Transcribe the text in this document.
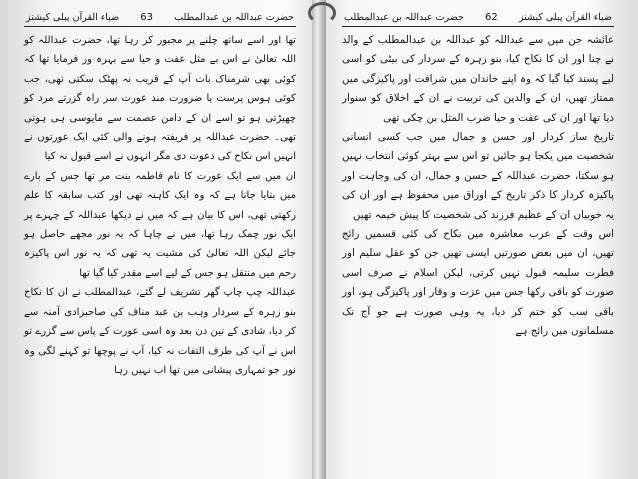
حضرت عبداللہ بن عبدالمطلب
63
ضیاء القرآن پبلی کیشنز

تھا اور اسے ساتھ چلنے پر مجبور کر رہا تھا، حضرت عبداللہ کو اللہ تعالیٰ نے اس بے مثل عفت و حیا سے بہرہ ور فرمایا تھا کہ کوئی بھی شرمناک بات آپ کے قریب نہ پھٹک سکتی تھی، جب کوئی ہوس پرست یا ضرورت مند عورت سر راہ گزرتے مرد کو چھیڑتی ہو تو اسے ان کے دامن عصمت سے مایوسی ہی ہوتی تھی۔ حضرت عبداللہ پر فریفتہ ہونے والی کئی ایک عورتوں نے انہیں اس نکاح کی دعوت دی مگر انہوں نے اسے قبول نہ کیا

ان میں سے ایک عورت کا نام فاطمہ بنت مر تھا جس کے بارے میں بتایا جاتا ہے کہ وہ ایک کاہنہ تھی اور کتب سابقہ کا علم رکھتی تھی، اس کا بیان ہے کہ میں نے دیکھا عبداللہ کے چہرے پر ایک نور چمک رہا تھا، میں نے چاہا کہ یہ نور مجھے حاصل ہو جائے لیکن اللہ تعالیٰ کی مشیت یہ تھی کہ یہ نور اس پاکیزہ رحم میں منتقل ہو جس کے لیے اسے مقدر کیا گیا تھا

عبداللہ چپ چاپ گھر تشریف لے گئے، عبدالمطلب نے ان کا نکاح بنو زہرہ کے سردار وہب بن عبد مناف کی صاحبزادی آمنہ سے کر دیا، شادی کے تین دن بعد وہ اسی عورت کے پاس سے گزرے تو اس نے آپ کی طرف التفات نہ کیا، آپ نے پوچھا تو کہنے لگی وہ نور جو تمہاری پیشانی میں تھا اب نہیں رہا

ضیاء القرآن پبلی کیشنز
62
حضرت عبداللہ بن عبدالمطلب

عائشہ جن میں سے عبداللہ کو عبداللہ بن عبدالمطلب کے والد نے چنا اور ان کا نکاح کیا، بنو زہرہ کے سردار کی بیٹی کو اسی لیے پسند کیا گیا کہ وہ اپنے خاندان میں شرافت اور پاکیزگی میں ممتاز تھیں، ان کے والدین کی تربیت نے ان کے اخلاق کو سنوار دیا تھا اور ان کی عفت و حیا ضرب المثل بن چکی تھی

تاریخ ساز کردار اور حسن و جمال میں جب کسی انسانی شخصیت میں یکجا ہو جائیں تو اس سے بہتر کوئی انتخاب نہیں ہو سکتا، حضرت عبداللہ کے حسن و جمال، ان کی وجاہت اور پاکیزہ کردار کا ذکر تاریخ کے اوراق میں محفوظ ہے اور ان کی یہ خوبیاں ان کے عظیم فرزند کی شخصیت کا پیش خیمہ تھیں

اس وقت کے عرب معاشرہ میں نکاح کی کئی قسمیں رائج تھیں، ان میں بعض صورتیں ایسی تھیں جن کو عقل سلیم اور فطرت سلیمہ قبول نہیں کرتی، لیکن اسلام نے صرف اسی صورت کو باقی رکھا جس میں عزت و وقار اور پاکیزگی ہو، اور باقی سب کو ختم کر دیا، یہ وہی صورت ہے جو آج تک مسلمانوں میں رائج ہے
